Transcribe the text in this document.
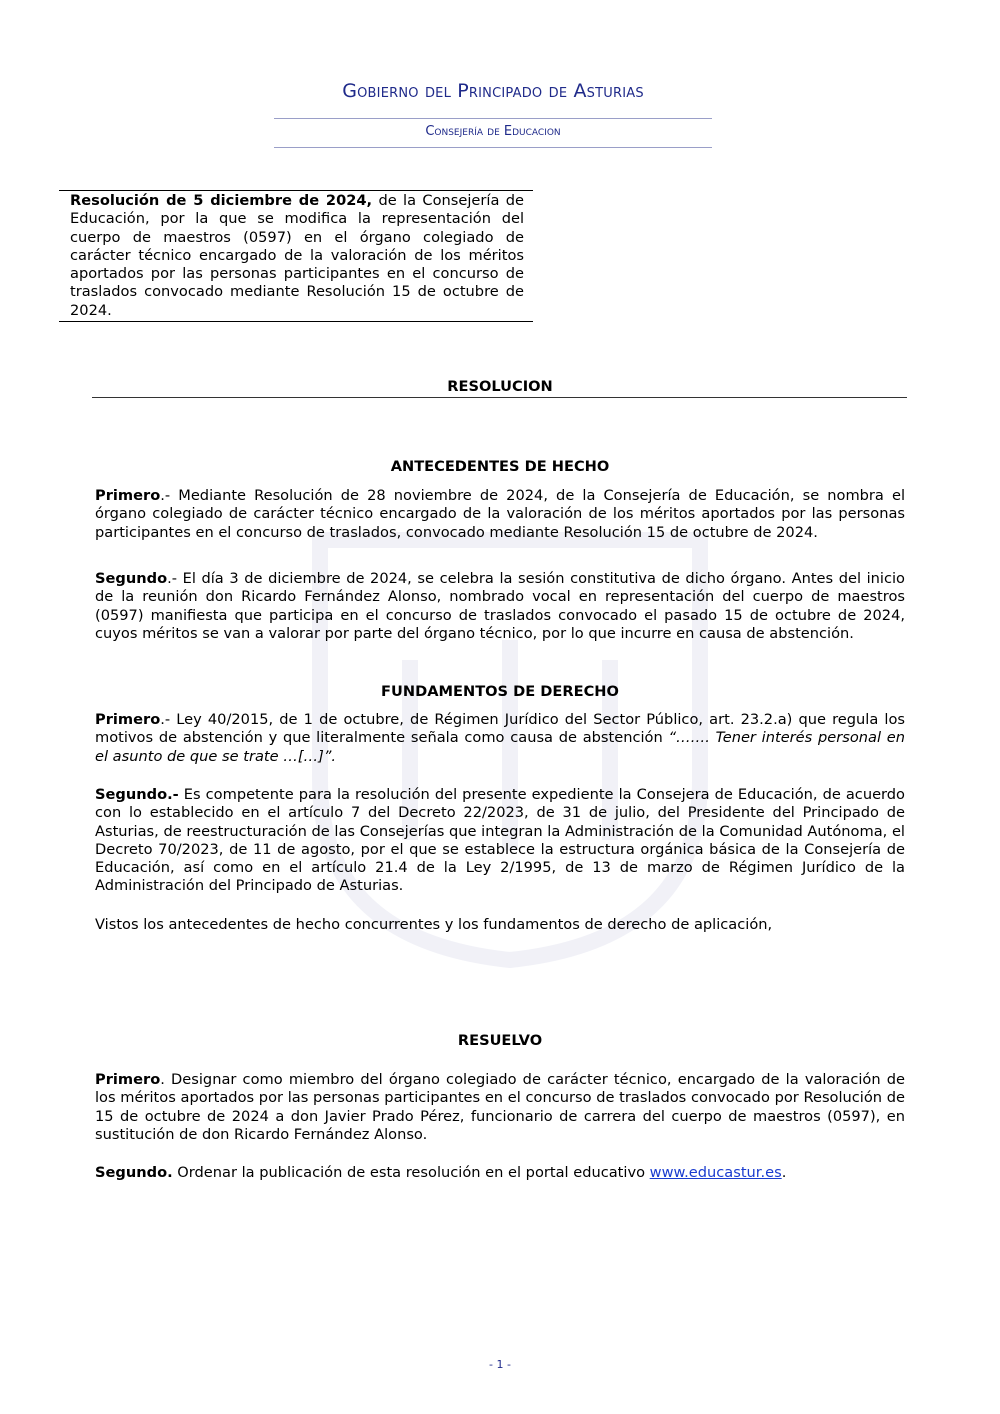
Gobierno del Principado de Asturias
Consejería de Educacion
Resolución de 5 diciembre de 2024, de la Consejería de Educación, por la que se modifica la representación del cuerpo de maestros (0597) en el órgano colegiado de carácter técnico encargado de la valoración de los méritos aportados por las personas participantes en el concurso de traslados convocado mediante Resolución 15 de octubre de 2024.
RESOLUCION
ANTECEDENTES DE HECHO

Primero.- Mediante Resolución de 28 noviembre de 2024, de la Consejería de Educación, se nombra el órgano colegiado de carácter técnico encargado de la valoración de los méritos aportados por las personas participantes en el concurso de traslados, convocado mediante Resolución 15 de octubre de 2024.

Segundo.- El día 3 de diciembre de 2024, se celebra la sesión constitutiva de dicho órgano. Antes del inicio de la reunión don Ricardo Fernández Alonso, nombrado vocal en representación del cuerpo de maestros (0597) manifiesta que participa en el concurso de traslados convocado el pasado 15 de octubre de 2024, cuyos méritos se van a valorar por parte del órgano técnico, por lo que incurre en causa de abstención.

FUNDAMENTOS DE DERECHO

Primero.- Ley 40/2015, de 1 de octubre, de Régimen Jurídico del Sector Público, art. 23.2.a) que regula los motivos de abstención y que literalmente señala como causa de abstención “……. Tener interés personal en el asunto de que se trate …[…]”.

Segundo.- Es competente para la resolución del presente expediente la Consejera de Educación, de acuerdo con lo establecido en el artículo 7 del Decreto 22/2023, de 31 de julio, del Presidente del Principado de Asturias, de reestructuración de las Consejerías que integran la Administración de la Comunidad Autónoma, el Decreto 70/2023, de 11 de agosto, por el que se establece la estructura orgánica básica de la Consejería de Educación, así como en el artículo 21.4 de la Ley 2/1995, de 13 de marzo de Régimen Jurídico de la Administración del Principado de Asturias.

Vistos los antecedentes de hecho concurrentes y los fundamentos de derecho de aplicación,

RESUELVO

Primero. Designar como miembro del órgano colegiado de carácter técnico, encargado de la valoración de los méritos aportados por las personas participantes en el concurso de traslados convocado por Resolución de 15 de octubre de 2024 a don Javier Prado Pérez, funcionario de carrera del cuerpo de maestros (0597), en sustitución de don Ricardo Fernández Alonso.

Segundo. Ordenar la publicación de esta resolución en el portal educativo www.educastur.es.

- 1 -
